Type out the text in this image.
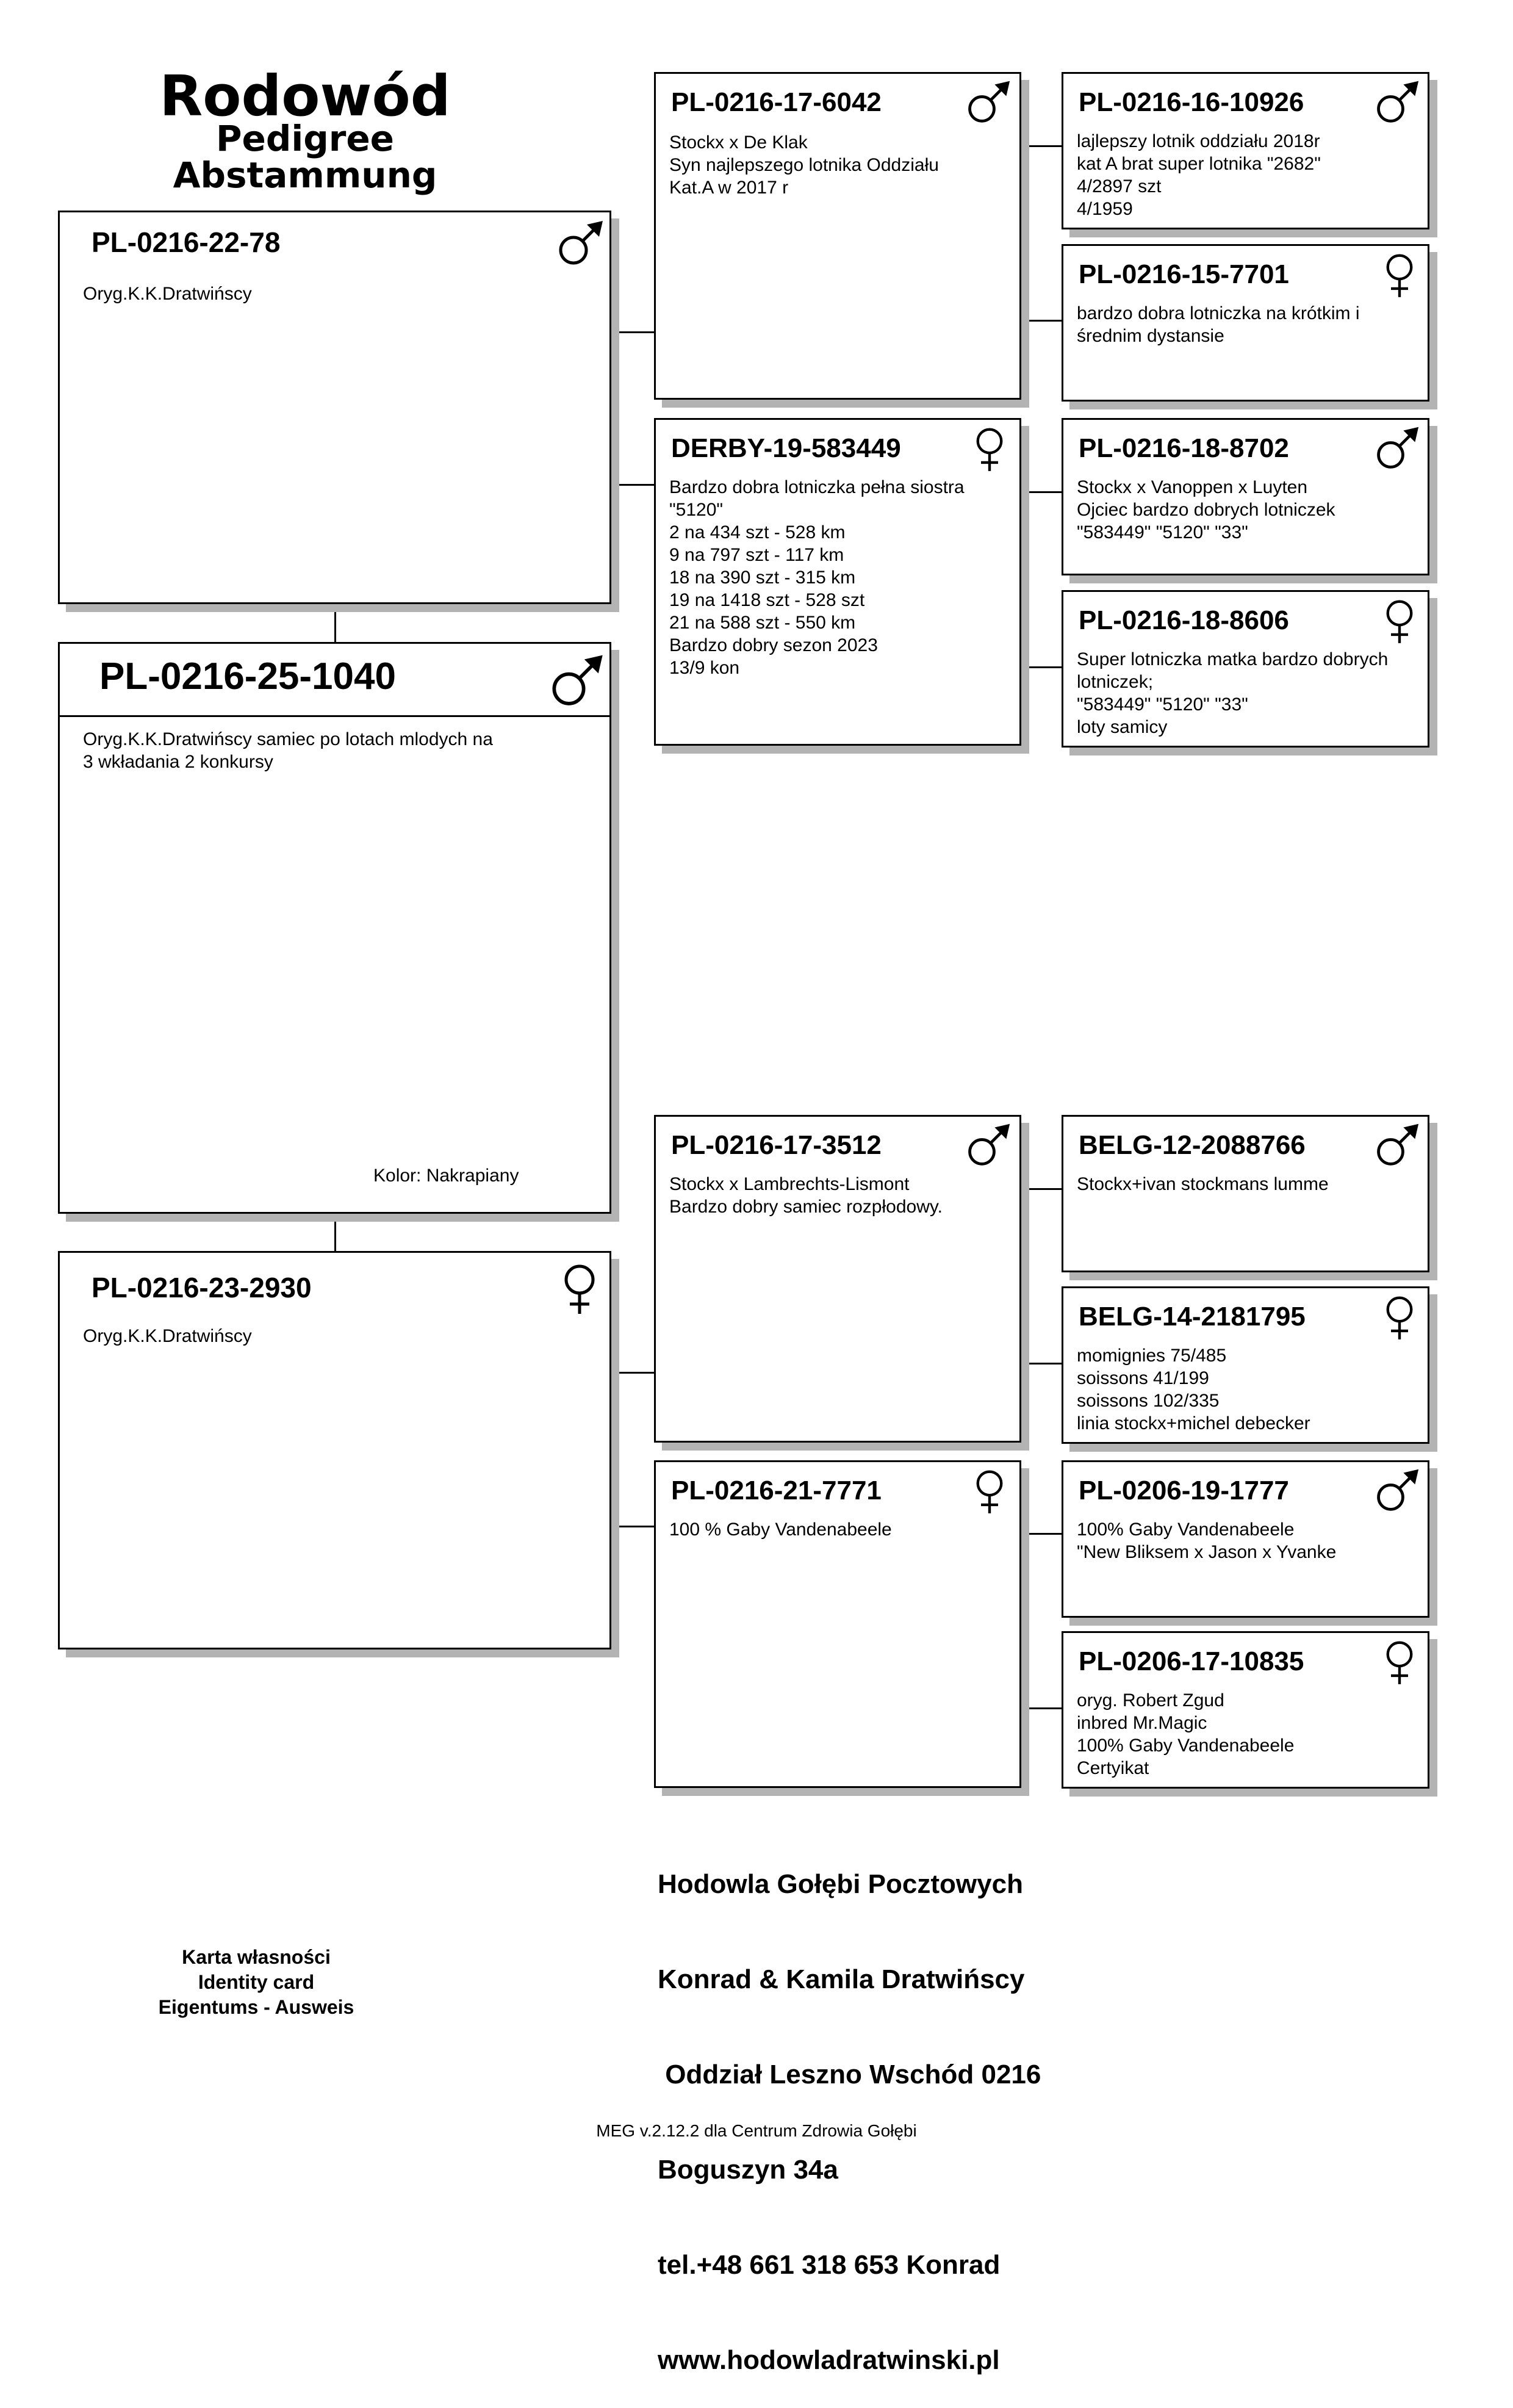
Rodowód
Pedigree
Abstammung
PL-0216-22-78
Oryg.K.K.Dratwińscy
PL-0216-25-1040
Oryg.K.K.Dratwińscy samiec po lotach mlodych na
3 wkładania 2 konkursy
Kolor: Nakrapiany
PL-0216-23-2930
Oryg.K.K.Dratwińscy
PL-0216-17-6042
Stockx x De Klak
Syn najlepszego lotnika Oddziału
Kat.A w 2017 r
DERBY-19-583449
Bardzo dobra lotniczka pełna siostra
"5120"
2 na 434 szt - 528 km
9 na 797 szt - 117 km
18 na 390 szt - 315 km
19 na 1418 szt - 528 szt
21 na 588 szt - 550 km
Bardzo dobry sezon 2023
13/9 kon
PL-0216-17-3512
Stockx x Lambrechts-Lismont
Bardzo dobry samiec rozpłodowy.
PL-0216-21-7771
100 % Gaby Vandenabeele
PL-0216-16-10926
lajlepszy lotnik oddziału 2018r
kat A brat super lotnika "2682"
4/2897 szt
4/1959
PL-0216-15-7701
bardzo dobra lotniczka na krótkim i
średnim dystansie
PL-0216-18-8702
Stockx x Vanoppen x Luyten
Ojciec bardzo dobrych lotniczek
"583449" "5120" "33"
PL-0216-18-8606
Super lotniczka matka bardzo dobrych
lotniczek;
"583449" "5120" "33"
loty samicy
BELG-12-2088766
Stockx+ivan stockmans lumme
BELG-14-2181795
momignies 75/485
soissons 41/199
soissons 102/335
linia stockx+michel debecker
PL-0206-19-1777
100% Gaby Vandenabeele
"New Bliksem x Jason x Yvanke
PL-0206-17-10835
oryg. Robert Zgud
inbred Mr.Magic
100% Gaby Vandenabeele
Certyikat

Hodowla Gołębi Pocztowych

Konrad & Kamila Dratwińscy

Oddział Leszno Wschód 0216

Boguszyn 34a

tel.+48 661 318 653 Konrad

www.hodowladratwinski.pl

Karta własności
Identity card
Eigentums - Ausweis
MEG v.2.12.2 dla Centrum Zdrowia Gołębi
